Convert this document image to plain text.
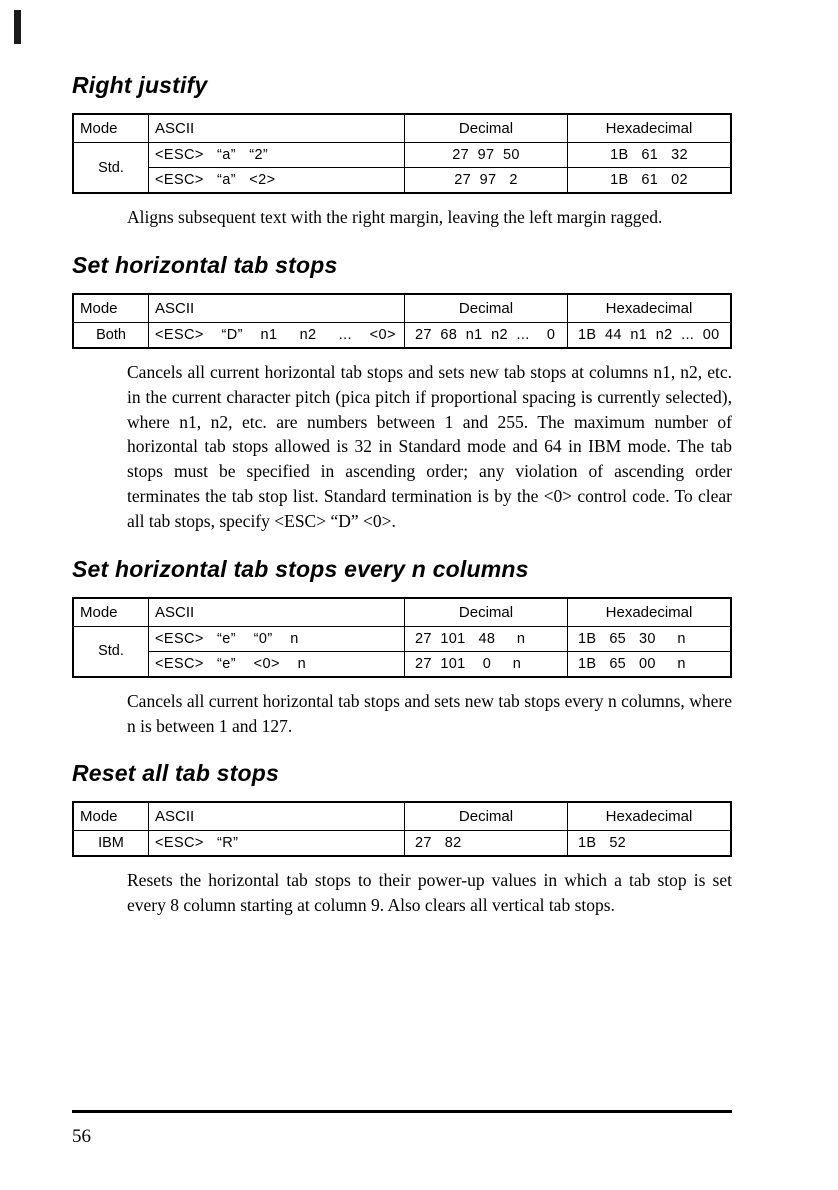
Right justify
Mode	ASCII	Decimal	Hexadecimal
Std.	<ESC>   “a”   “2”	27  97  50	1B   61   32
	<ESC>   “a”   <2>	27  97   2	1B   61   02

Aligns subsequent text with the right margin, leaving the left margin ragged.

Set horizontal tab stops
Mode	ASCII	Decimal	Hexadecimal
Both	<ESC>    “D”    n1     n2     ...    <0>	27  68  n1  n2  ...    0	1B  44  n1  n2  ...  00

Cancels all current horizontal tab stops and sets new tab stops at columns n1, n2, etc. in the current character pitch (pica pitch if proportional spacing is currently selected), where n1, n2, etc. are numbers between 1 and 255. The maximum number of horizontal tab stops allowed is 32 in Standard mode and 64 in IBM mode. The tab stops must be specified in ascending order; any violation of ascending order terminates the tab stop list. Standard termination is by the <0> control code. To clear all tab stops, specify <ESC> “D” <0>.

Set horizontal tab stops every n columns
Mode	ASCII	Decimal	Hexadecimal
Std.	<ESC>   “e”    “0”    n	27  101   48     n	1B   65   30     n
	<ESC>   “e”    <0>    n	27  101    0     n	1B   65   00     n

Cancels all current horizontal tab stops and sets new tab stops every n columns, where n is between 1 and 127.

Reset all tab stops
Mode	ASCII	Decimal	Hexadecimal
IBM	<ESC>   “R”	27   82	1B   52

Resets the horizontal tab stops to their power-up values in which a tab stop is set every 8 column starting at column 9. Also clears all vertical tab stops.

56
